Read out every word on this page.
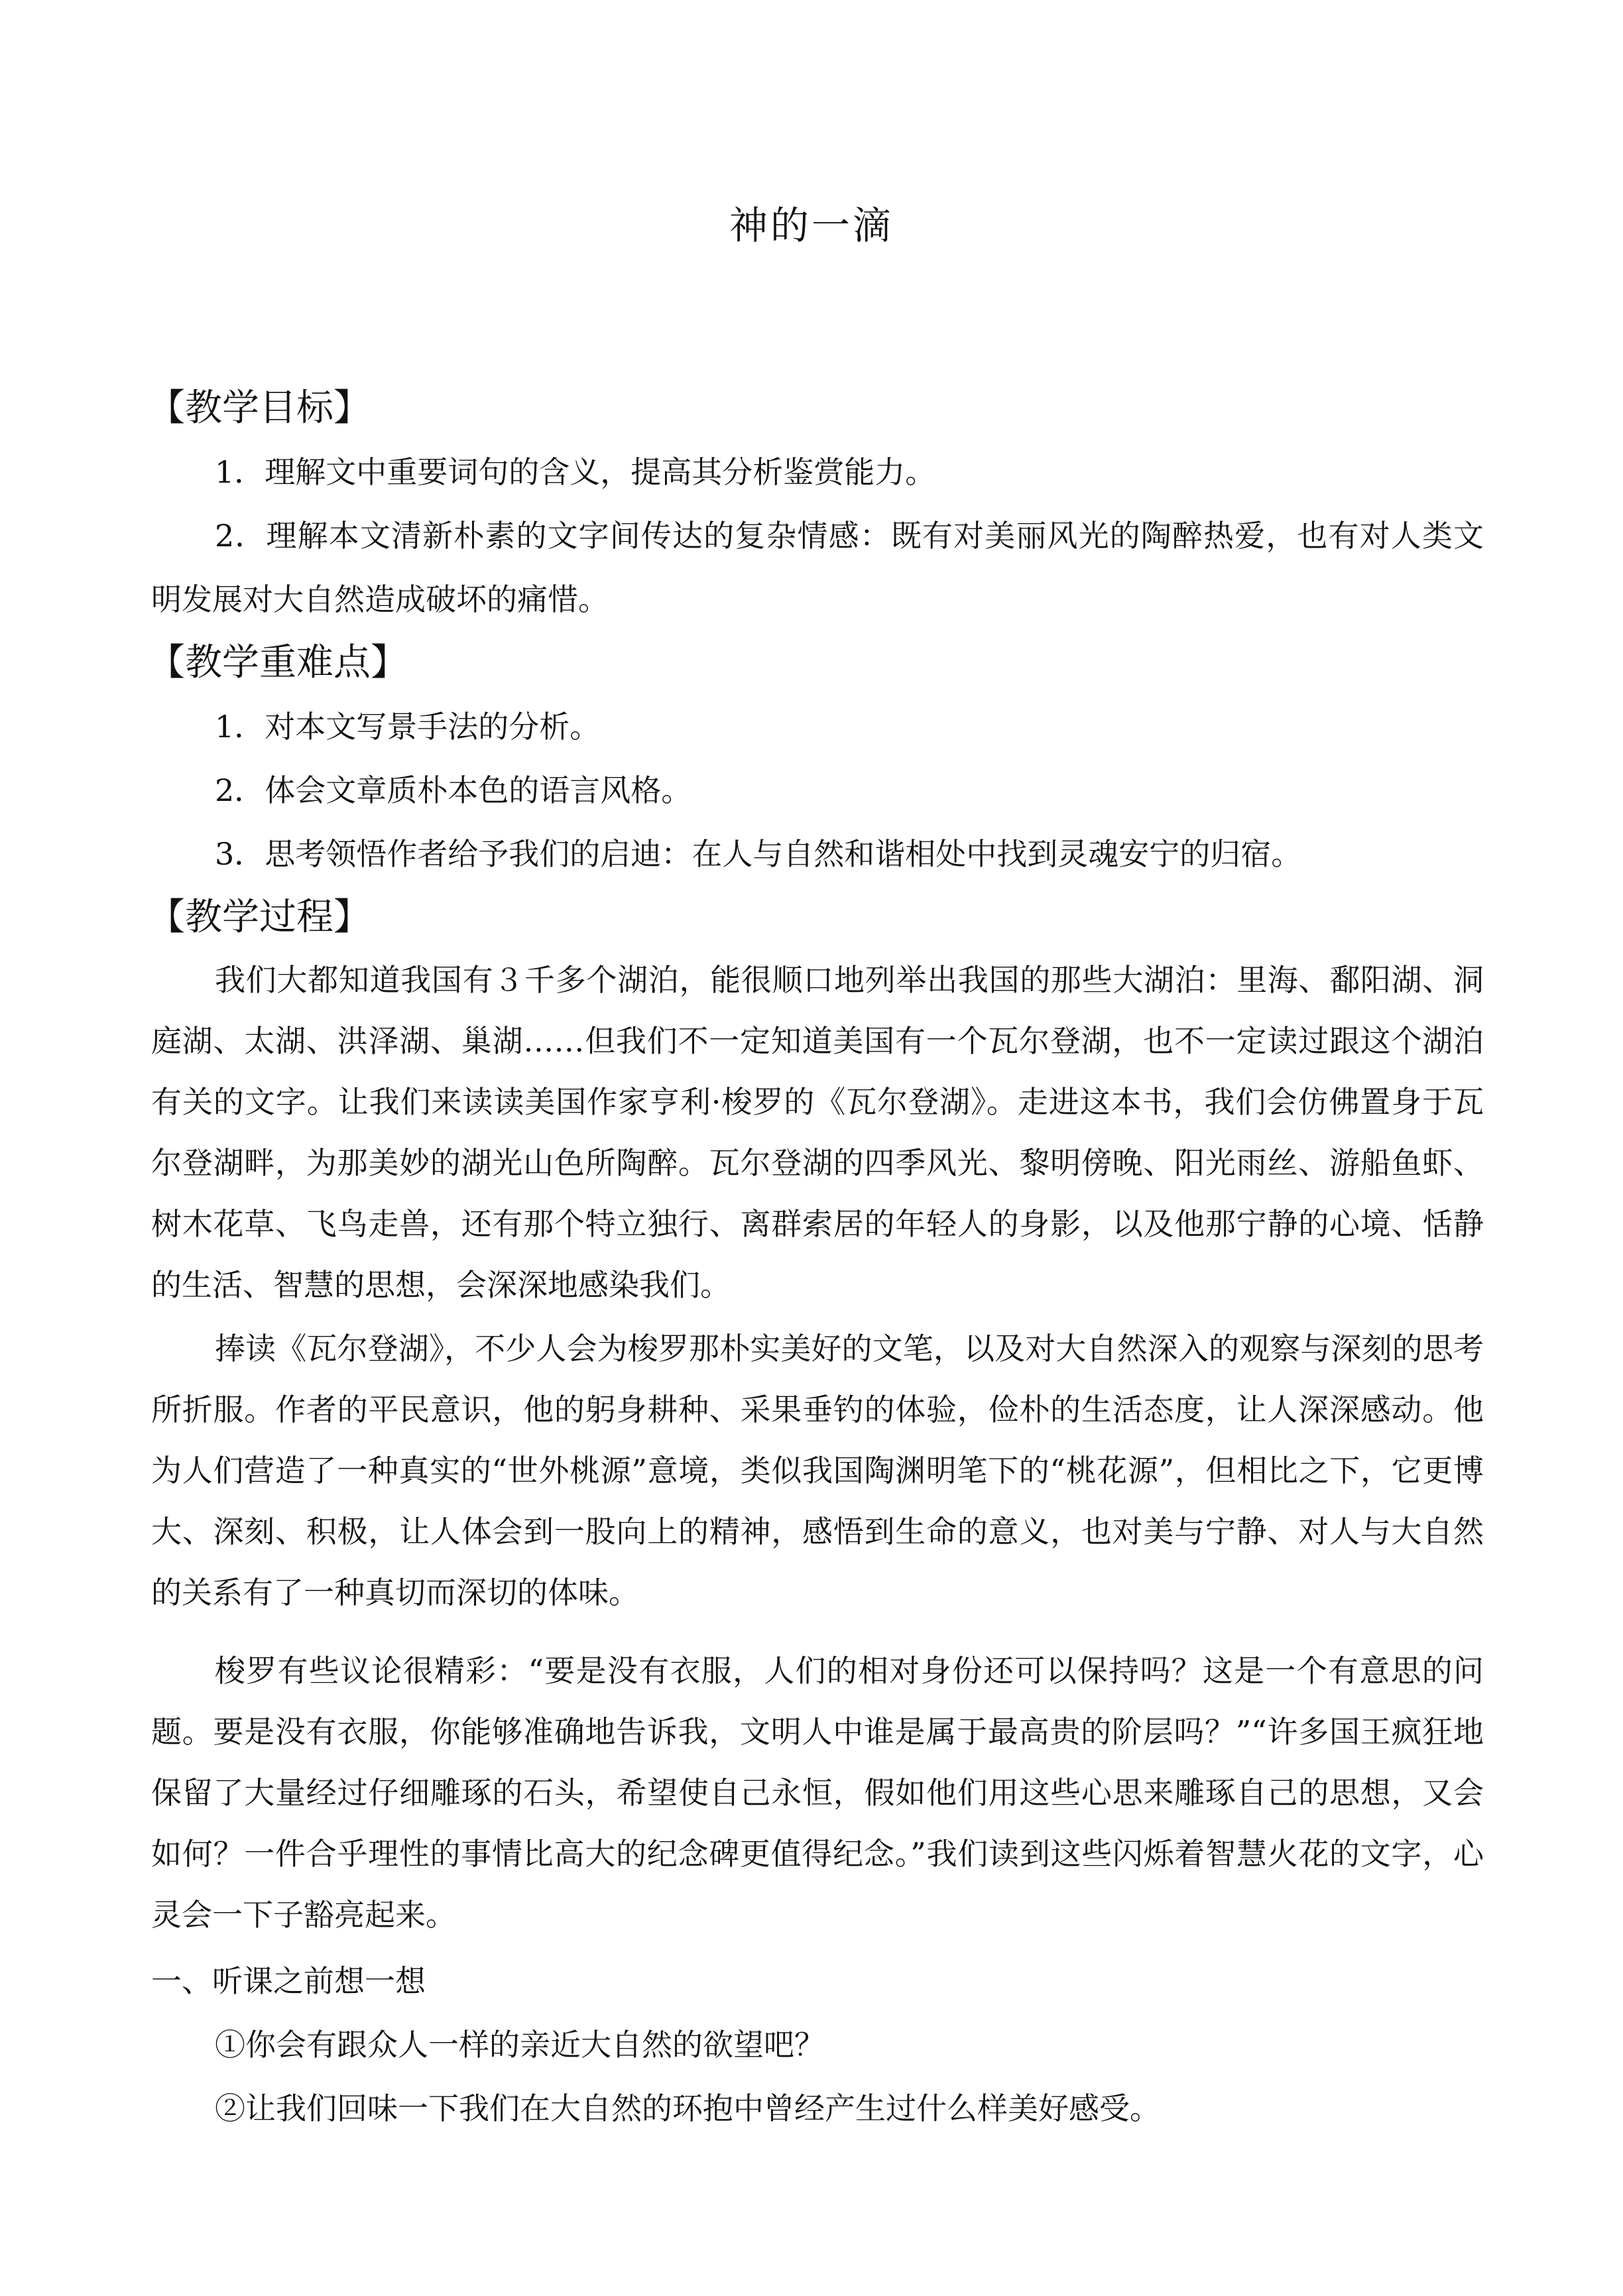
神的一滴
【教学目标】

1．理解文中重要词句的含义，提高其分析鉴赏能力。

2．理解本文清新朴素的文字间传达的复杂情感：既有对美丽风光的陶醉热爱，也有对人类文明发展对大自然造成破坏的痛惜。

【教学重难点】

1．对本文写景手法的分析。

2．体会文章质朴本色的语言风格。

3．思考领悟作者给予我们的启迪：在人与自然和谐相处中找到灵魂安宁的归宿。

【教学过程】

我们大都知道我国有３千多个湖泊，能很顺口地列举出我国的那些大湖泊：里海、鄱阳湖、洞庭湖、太湖、洪泽湖、巢湖……但我们不一定知道美国有一个瓦尔登湖，也不一定读过跟这个湖泊有关的文字。让我们来读读美国作家亨利·梭罗的《瓦尔登湖》。走进这本书，我们会仿佛置身于瓦尔登湖畔，为那美妙的湖光山色所陶醉。瓦尔登湖的四季风光、黎明傍晚、阳光雨丝、游船鱼虾、树木花草、飞鸟走兽，还有那个特立独行、离群索居的年轻人的身影，以及他那宁静的心境、恬静的生活、智慧的思想，会深深地感染我们。

捧读《瓦尔登湖》，不少人会为梭罗那朴实美好的文笔，以及对大自然深入的观察与深刻的思考所折服。作者的平民意识，他的躬身耕种、采果垂钓的体验，俭朴的生活态度，让人深深感动。他为人们营造了一种真实的“世外桃源”意境，类似我国陶渊明笔下的“桃花源”，但相比之下，它更博大、深刻、积极，让人体会到一股向上的精神，感悟到生命的意义，也对美与宁静、对人与大自然的关系有了一种真切而深切的体味。

梭罗有些议论很精彩：“要是没有衣服，人们的相对身份还可以保持吗？这是一个有意思的问题。要是没有衣服，你能够准确地告诉我，文明人中谁是属于最高贵的阶层吗？”“许多国王疯狂地保留了大量经过仔细雕琢的石头，希望使自己永恒，假如他们用这些心思来雕琢自己的思想，又会如何？一件合乎理性的事情比高大的纪念碑更值得纪念。”我们读到这些闪烁着智慧火花的文字，心灵会一下子豁亮起来。

一、听课之前想一想

①你会有跟众人一样的亲近大自然的欲望吧？

②让我们回味一下我们在大自然的环抱中曾经产生过什么样美好感受。
